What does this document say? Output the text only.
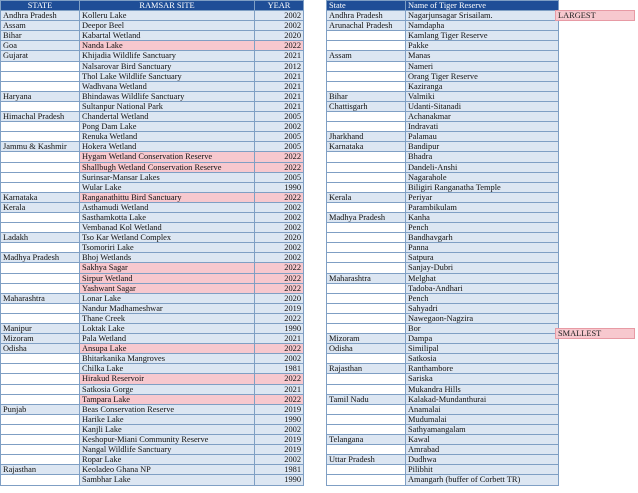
STATE	RAMSAR SITE	YEAR
Andhra Pradesh	Kolleru Lake	2002
Assam	Deepor Beel	2002
Bihar	Kabartal Wetland	2020
Goa	Nanda Lake	2022
Gujarat	Khijadia Wildlife Sanctuary	2021
	Nalsarovar Bird Sanctuary	2012
	Thol Lake Wildlife Sanctuary	2021
	Wadhvana Wetland	2021
Haryana	Bhindawas Wildlife Sanctuary	2021
	Sultanpur National Park	2021
Himachal Pradesh	Chandertal Wetland	2005
	Pong Dam Lake	2002
	Renuka Wetland	2005
Jammu & Kashmir	Hokera Wetland	2005
	Hygam Wetland Conservation Reserve	2022
	Shallbugh Wetland Conservation Reserve	2022
	Surinsar-Mansar Lakes	2005
	Wular Lake	1990
Karnataka	Ranganathittu Bird Sanctuary	2022
Kerala	Asthamudi Wetland	2002
	Sasthamkotta Lake	2002
	Vembanad Kol Wetland	2002
Ladakh	Tso Kar Wetland Complex	2020
	Tsomoriri Lake	2002
Madhya Pradesh	Bhoj Wetlands	2002
	Sakhya Sagar	2022
	Sirpur Wetland	2022
	Yashwant Sagar	2022
Maharashtra	Lonar Lake	2020
	Nandur Madhameshwar	2019
	Thane Creek	2022
Manipur	Loktak Lake	1990
Mizoram	Pala Wetland	2021
Odisha	Ansupa Lake	2022
	Bhitarkanika Mangroves	2002
	Chilka Lake	1981
	Hirakud Reservoir	2022
	Satkosia Gorge	2021
	Tampara Lake	2022
Punjab	Beas Conservation Reserve	2019
	Harike Lake	1990
	Kanjli Lake	2002
	Keshopur-Miani Community Reserve	2019
	Nangal Wildlife Sanctuary	2019
	Ropar Lake	2002
Rajasthan	Keoladeo Ghana NP	1981
	Sambhar Lake	1990
State	Name of Tiger Reserve
Andhra Pradesh	Nagarjunsagar Srisailam.
Arunachal Pradesh	Namdapha
	Kamlang Tiger Reserve
	Pakke
Assam	Manas
	Nameri
	Orang Tiger Reserve
	Kaziranga
Bihar	Valmiki
Chattisgarh	Udanti-Sitanadi
	Achanakmar
	Indravati
Jharkhand	Palamau
Karnataka	Bandipur
	Bhadra
	Dandeli-Anshi
	Nagarahole
	Biligiri Ranganatha Temple
Kerala	Periyar
	Parambikulam
Madhya Pradesh	Kanha
	Pench
	Bandhavgarh
	Panna
	Satpura
	Sanjay-Dubri
Maharashtra	Melghat
	Tadoba-Andhari
	Pench
	Sahyadri
	Nawegaon-Nagzira
	Bor
Mizoram	Dampa
Odisha	Similipal
	Satkosia
Rajasthan	Ranthambore
	Sariska
	Mukandra Hills
Tamil Nadu	Kalakad-Mundanthurai
	Anamalai
	Mudumalai
	Sathyamangalam
Telangana	Kawal
	Amrabad
Uttar Pradesh	Dudhwa
	Pilibhit
	Amangarh (buffer of Corbett TR)
LARGEST
SMALLEST
